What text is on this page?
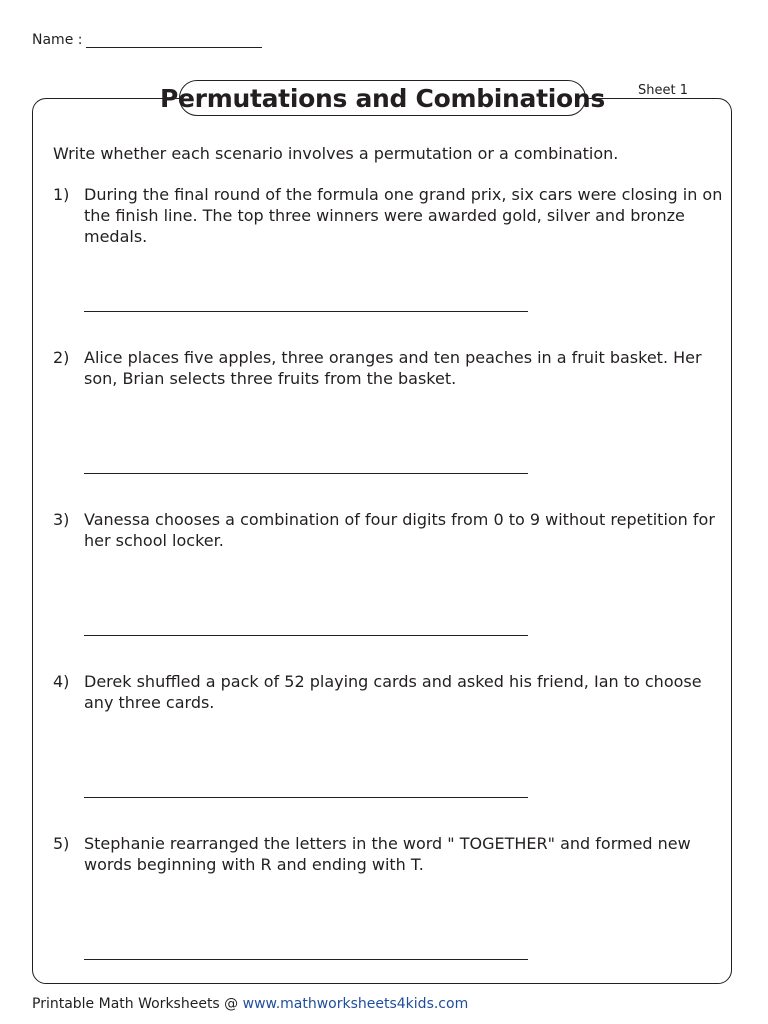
Name :
Permutations and Combinations	Sheet 1
Write whether each scenario involves a permutation or a combination.
1) During the final round of the formula one grand prix, six cars were closing in on the finish line. The top three winners were awarded gold, silver and bronze medals.
2) Alice places five apples, three oranges and ten peaches in a fruit basket. Her son, Brian selects three fruits from the basket.
3) Vanessa chooses a combination of four digits from 0 to 9 without repetition for her school locker.
4) Derek shuffled a pack of 52 playing cards and asked his friend, Ian to choose any three cards.
5) Stephanie rearranged the letters in the word " TOGETHER" and formed new words beginning with R and ending with T.
Printable Math Worksheets @ www.mathworksheets4kids.com
